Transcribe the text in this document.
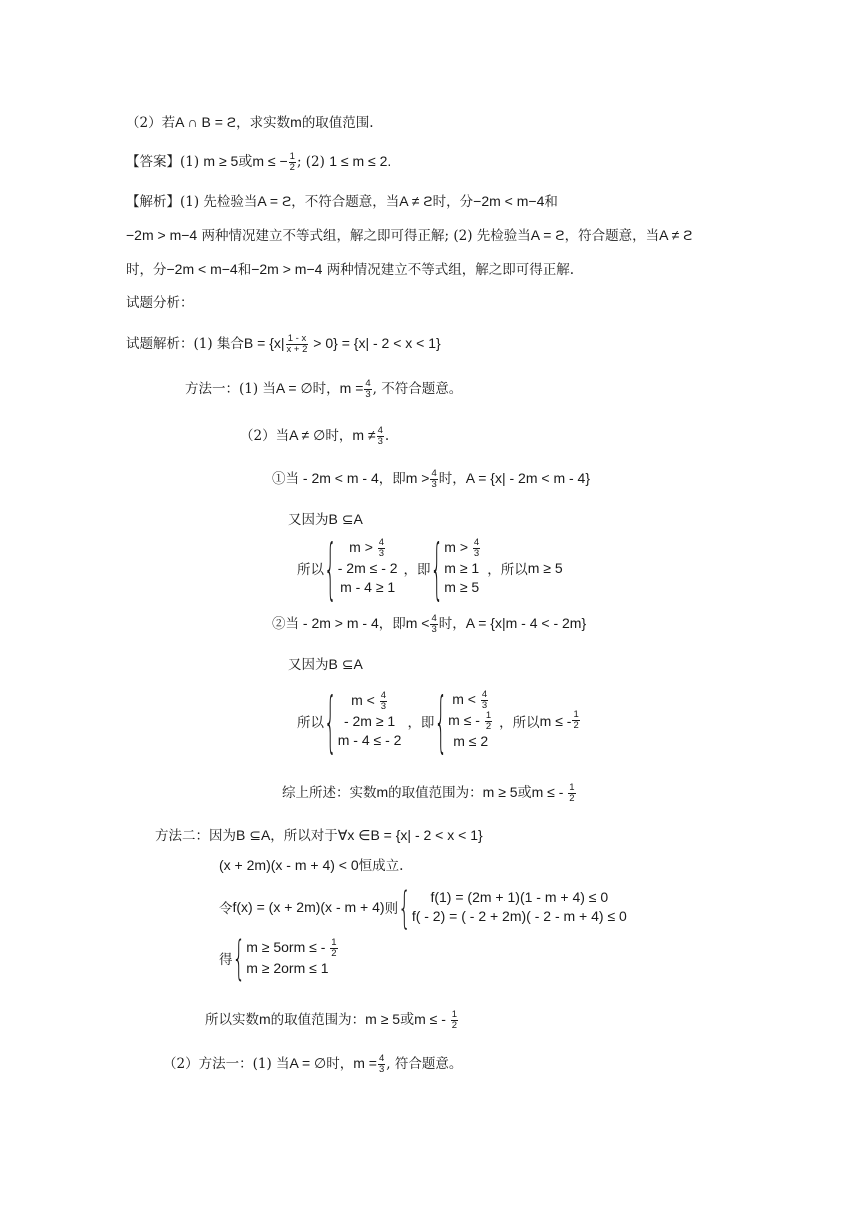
（2）若A ∩ B = ϩ，求实数m的取值范围.
【答案】(1) m ≥ 5或m ≤ − $\frac{1}{2}$ ; (2) 1 ≤ m ≤ 2.
【解析】(1) 先检验当A = ϩ，不符合题意，当A ≠ ϩ时，分−2m < m−4和
−2m > m−4 两种情况建立不等式组，解之即可得正解; (2) 先检验当A = ϩ，符合题意，当A ≠ ϩ
时，分−2m < m−4和−2m > m−4 两种情况建立不等式组，解之即可得正解.
试题分析：
试题解析：(1) 集合$B = \{x| \frac{1 - x}{x + 2} > 0\} = \{x| - 2 < x < 1\}$
方法一：(1) 当A = ∅时，$m = \frac{4}{3}$ , 不符合题意。
（2）当A ≠ ∅时，$m \ne \frac{4}{3}$ .
①当 - 2m < m - 4，即$m > \frac{4}{3}$ 时，A = {x| - 2m < m - 4}
又因为B ⊆A
所以 { $m > \frac{4}{3}$
- 2m ≤ - 2
m - 4 ≥ 1
，即 { $m > \frac{4}{3}$
m ≥ 1
m ≥ 5
，所以 m ≥ 5
②当 - 2m > m - 4，即$m < \frac{4}{3}$ 时，A = {x|m - 4 < - 2m}
又因为B ⊆A
所以 {	$m < \frac{4}{3}$
- 2m ≥ 1
m - 4 ≤ - 2
，即 { $m < \frac{4}{3}$
m ≤ - $\frac{1}{2}$
m ≤ 2
，所以 m ≤ - $\frac{1}{2}$
综上所述：实数m的取值范围为：m ≥ 5或m ≤ - $\frac{1}{2}$
方法二：因为B ⊆A，所以对于∀x ∈B = {x| - 2 < x < 1}
(x + 2m)(x - m + 4) < 0恒成立.
令 f(x) = (x + 2m)(x - m + 4) 则 {	f(1) = (2m + 1)(1 - m + 4) ≤ 0
f( - 2) = ( - 2 + 2m)( - 2 - m + 4) ≤ 0
得 { m ≥ 5orm ≤ - $\frac{1}{2}$
m ≥ 2orm ≤ 1
所以实数m的取值范围为：m ≥ 5或m ≤ - $\frac{1}{2}$
（2）方法一：(1) 当A = ∅时，$m = \frac{4}{3}$ , 符合题意。
